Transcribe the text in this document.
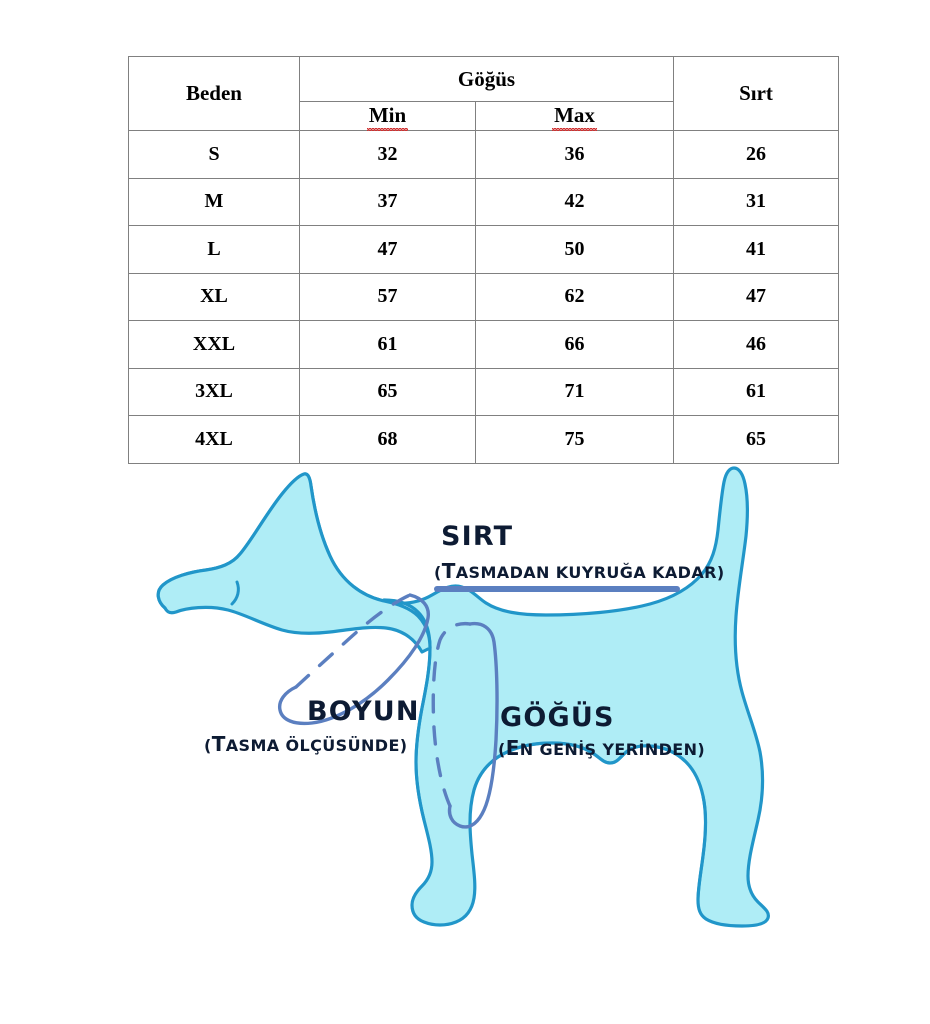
Beden	Göğüs		Sırt
	Min	Max	
S	32	36	26
M	37	42	31
L	47	50	41
XL	57	62	47
XXL	61	66	46
3XL	65	71	61
4XL	68	75	65
SIRT
(TASMADAN KUYRUĞA KADAR)
BOYUN
(TASMA ÖLÇÜSÜNDE)
GÖĞÜS
(EN GENİŞ YERİNDEN)
